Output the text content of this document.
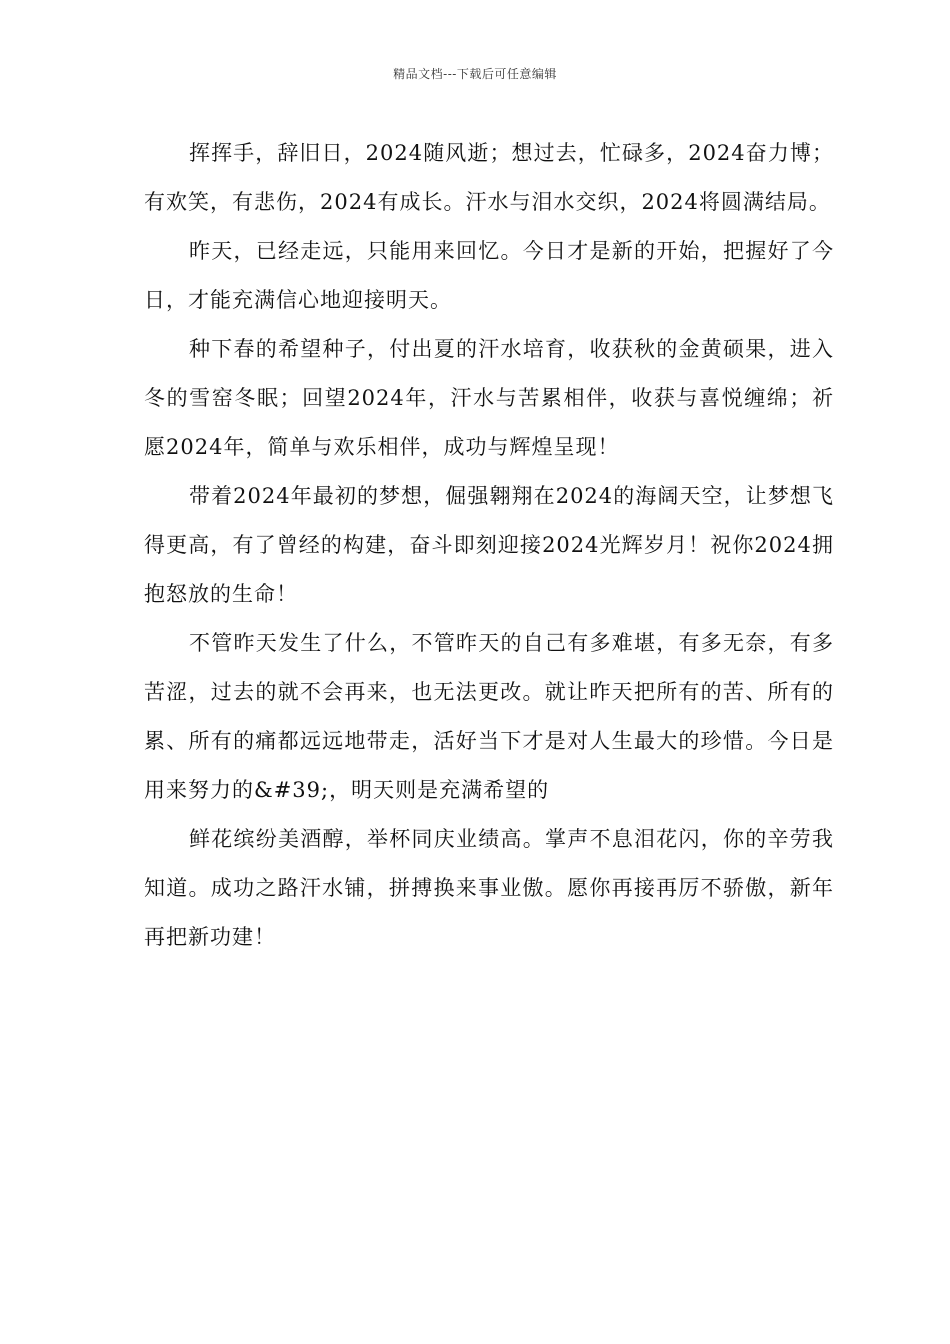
精品文档---下载后可任意编辑

挥挥手，辞旧日，2024随风逝；想过去，忙碌多，2024奋力博；有欢笑，有悲伤，2024有成长。汗水与泪水交织，2024将圆满结局。

昨天，已经走远，只能用来回忆。今日才是新的开始，把握好了今日，才能充满信心地迎接明天。

种下春的希望种子，付出夏的汗水培育，收获秋的金黄硕果，进入冬的雪窑冬眠；回望2024年，汗水与苦累相伴，收获与喜悦缠绵；祈愿2024年，简单与欢乐相伴，成功与辉煌呈现！

带着2024年最初的梦想，倔强翱翔在2024的海阔天空，让梦想飞得更高，有了曾经的构建，奋斗即刻迎接2024光辉岁月！祝你2024拥抱怒放的生命！

不管昨天发生了什么，不管昨天的自己有多难堪，有多无奈，有多苦涩，过去的就不会再来，也无法更改。就让昨天把所有的苦、所有的累、所有的痛都远远地带走，活好当下才是对人生最大的珍惜。今日是用来努力的&#39;，明天则是充满希望的

鲜花缤纷美酒醇，举杯同庆业绩高。掌声不息泪花闪，你的辛劳我知道。成功之路汗水铺，拼搏换来事业傲。愿你再接再厉不骄傲，新年再把新功建！
